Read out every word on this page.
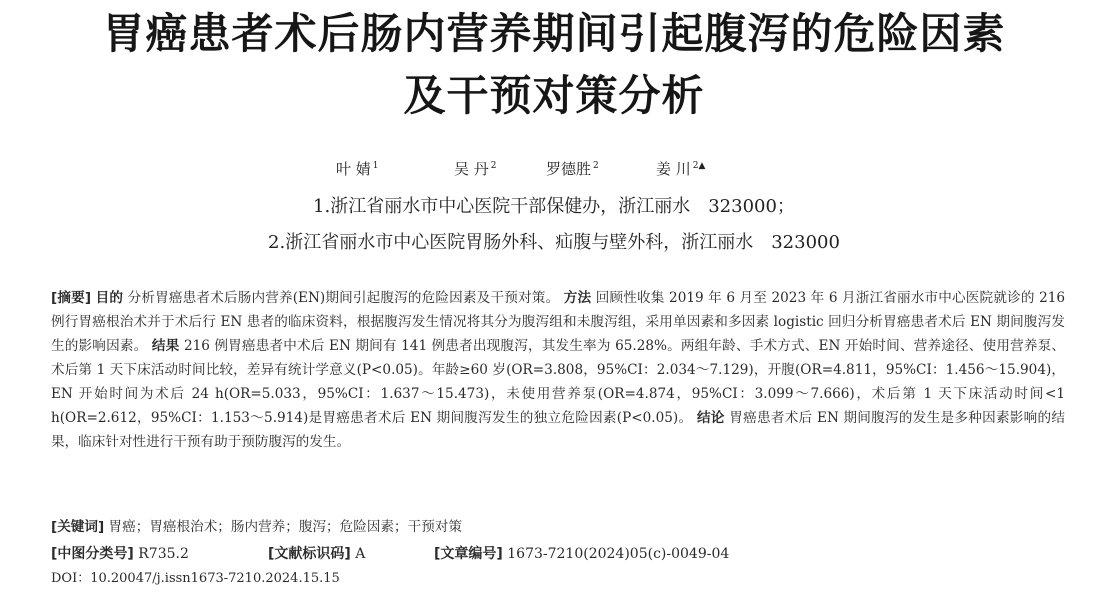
胃癌患者术后肠内营养期间引起腹泻的危险因素
及干预对策分析
叶 婧 $^1$	吴 丹 $^2$	罗德胜 $^2$	姜 川 $^{2▲}$
1.浙江省丽水市中心医院干部保健办，浙江丽水　323000；
2.浙江省丽水市中心医院胃肠外科、疝腹与壁外科，浙江丽水　323000
[摘要] 目的 分析胃癌患者术后肠内营养(EN)期间引起腹泻的危险因素及干预对策。 方法 回顾性收集 2019 年 6 月至 2023 年 6 月浙江省丽水市中心医院就诊的 216 例行胃癌根治术并于术后行 EN 患者的临床资料，根据腹泻发生情况将其分为腹泻组和未腹泻组，采用单因素和多因素 logistic 回归分析胃癌患者术后 EN 期间腹泻发生的影响因素。 结果 216 例胃癌患者中术后 EN 期间有 141 例患者出现腹泻，其发生率为 65.28%。两组年龄、手术方式、EN 开始时间、营养途径、使用营养泵、术后第 1 天下床活动时间比较，差异有统计学意义(P<0.05)。年龄≥60 岁(OR=3.808，95%CI：2.034～7.129)，开腹(OR=4.811，95%CI：1.456～15.904)，EN 开始时间为术后 24 h(OR=5.033，95%CI：1.637～15.473)，未使用营养泵(OR=4.874，95%CI：3.099～7.666)，术后第 1 天下床活动时间<1 h(OR=2.612，95%CI：1.153～5.914)是胃癌患者术后 EN 期间腹泻发生的独立危险因素(P<0.05)。 结论 胃癌患者术后 EN 期间腹泻的发生是多种因素影响的结果，临床针对性进行干预有助于预防腹泻的发生。
[关键词] 胃癌；胃癌根治术；肠内营养；腹泻；危险因素；干预对策
[中图分类号] R735.2	[文献标识码] A	[文章编号] 1673-7210(2024)05(c)-0049-04
DOI：10.20047/j.issn1673-7210.2024.15.15
